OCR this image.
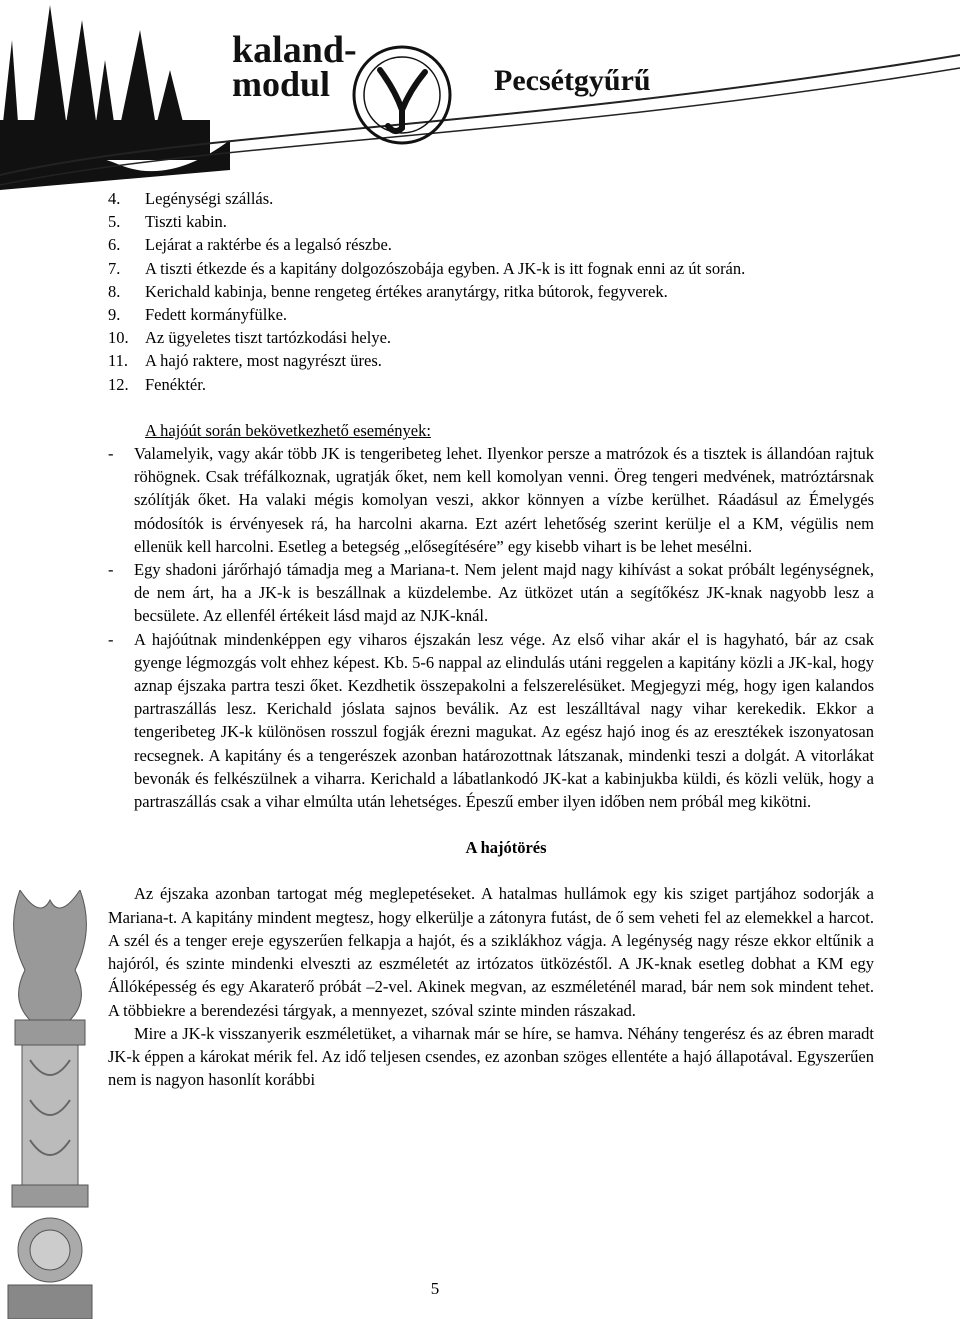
kaland-
modul	Pecsétgyűrű
4. Legénységi szállás.
5. Tiszti kabin.
6. Lejárat a raktérbe és a legalsó részbe.
7. A tiszti étkezde és a kapitány dolgozószobája egyben. A JK-k is itt fognak enni az út során.
8. Kerichald kabinja, benne rengeteg értékes aranytárgy, ritka bútorok, fegyverek.
9. Fedett kormányfülke.
10. Az ügyeletes tiszt tartózkodási helye.
11. A hajó raktere, most nagyrészt üres.
12. Fenéktér.
A hajóút során bekövetkezhető események:
- Valamelyik, vagy akár több JK is tengeribeteg lehet. Ilyenkor persze a matrózok és a tisztek is állandóan rajtuk röhögnek. Csak tréfálkoznak, ugratják őket, nem kell komolyan venni. Öreg tengeri medvének, matróztársnak szólítják őket. Ha valaki mégis komolyan veszi, akkor könnyen a vízbe kerülhet. Ráadásul az Émelygés módosítók is érvényesek rá, ha harcolni akarna. Ezt azért lehetőség szerint kerülje el a KM, végülis nem ellenük kell harcolni. Esetleg a betegség „elősegítésére” egy kisebb vihart is be lehet mesélni.
- Egy shadoni járőrhajó támadja meg a Mariana-t. Nem jelent majd nagy kihívást a sokat próbált legénységnek, de nem árt, ha a JK-k is beszállnak a küzdelembe. Az ütközet után a segítőkész JK-knak nagyobb lesz a becsülete. Az ellenfél értékeit lásd majd az NJK-knál.
- A hajóútnak mindenképpen egy viharos éjszakán lesz vége. Az első vihar akár el is hagyható, bár az csak gyenge légmozgás volt ehhez képest. Kb. 5-6 nappal az elindulás utáni reggelen a kapitány közli a JK-kal, hogy aznap éjszaka partra teszi őket. Kezdhetik összepakolni a felszerelésüket. Megjegyzi még, hogy igen kalandos partraszállás lesz. Kerichald jóslata sajnos beválik. Az est leszálltával nagy vihar kerekedik. Ekkor a tengeribeteg JK-k különösen rosszul fogják érezni magukat. Az egész hajó inog és az eresztékek iszonyatosan recsegnek. A kapitány és a tengerészek azonban határozottnak látszanak, mindenki teszi a dolgát. A vitorlákat bevonák és felkészülnek a viharra. Kerichald a lábatlankodó JK-kat a kabinjukba küldi, és közli velük, hogy a partraszállás csak a vihar elmúlta után lehetséges. Épeszű ember ilyen időben nem próbál meg kikötni.
A hajótörés

Az éjszaka azonban tartogat még meglepetéseket. A hatalmas hullámok egy kis sziget partjához sodorják a Mariana-t. A kapitány mindent megtesz, hogy elkerülje a zátonyra futást, de ő sem veheti fel az elemekkel a harcot. A szél és a tenger ereje egyszerűen felkapja a hajót, és a sziklákhoz vágja. A legénység nagy része ekkor eltűnik a hajóról, és szinte mindenki elveszti az eszméletét az irtózatos ütközéstől. A JK-knak esetleg dobhat a KM egy Állóképesség és egy Akaraterő próbát –2-vel. Akinek megvan, az eszméleténél marad, bár nem sok mindent tehet. A többiekre a berendezési tárgyak, a mennyezet, szóval szinte minden rászakad.

Mire a JK-k visszanyerik eszméletüket, a viharnak már se híre, se hamva. Néhány tengerész és az ébren maradt JK-k éppen a károkat mérik fel. Az idő teljesen csendes, ez azonban szöges ellentéte a hajó állapotával. Egyszerűen nem is nagyon hasonlít korábbi

5
